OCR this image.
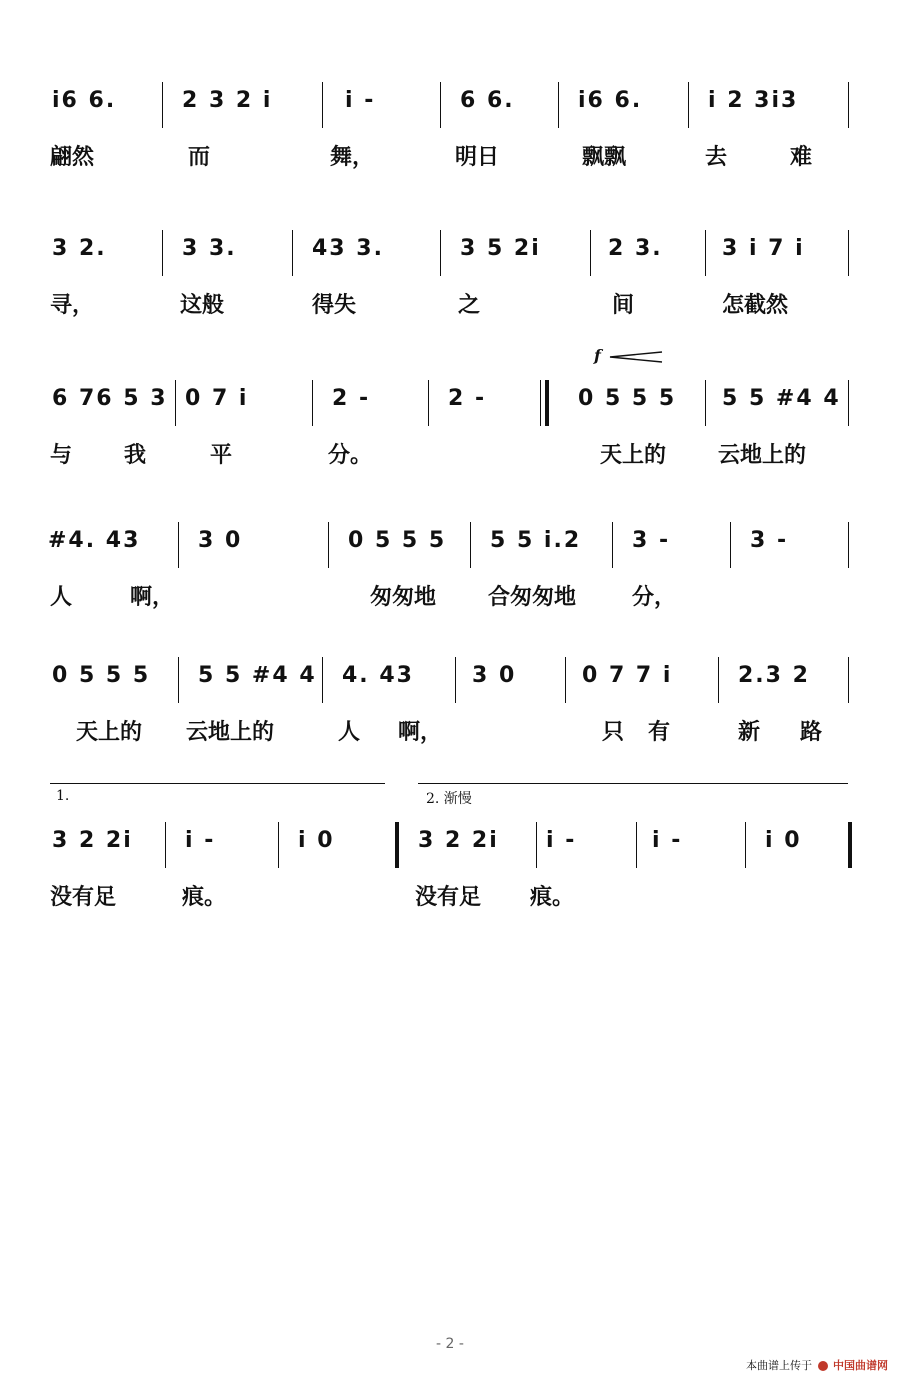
i6 6.	2 3 2 i	i -	6 6.	i6 6.	i 2 3i3
翩然	而	舞，	明日	飘飘	去	难
3 2.	3 3.	43 3.	3 5 2i	2 3.	3 i 7 i
寻，	这般	得失	之	间	怎截然
f
6 76 5 3 0 7 i	2 -	2 -	0 5 5 5 5 5 #4 4
与 我	平	分。	天上的 云地上的
#4. 43	3 0	0 5 5 5 5 5 i.2 3 -	3 -
人	啊，	匆匆地 合匆匆地	分，
0 5 5 5 5 5 #4 4 4. 43	3 0	0 7 7 i	2.3 2
天上的 云地上的	人 啊，	只 有	新 路
1.	2. 渐慢
3 2 2i i -	i 0	3 2 2i i -	i -	i 0
没有足	痕。	没有足 痕。
- 2 -
本曲谱上传于 中国曲谱网
